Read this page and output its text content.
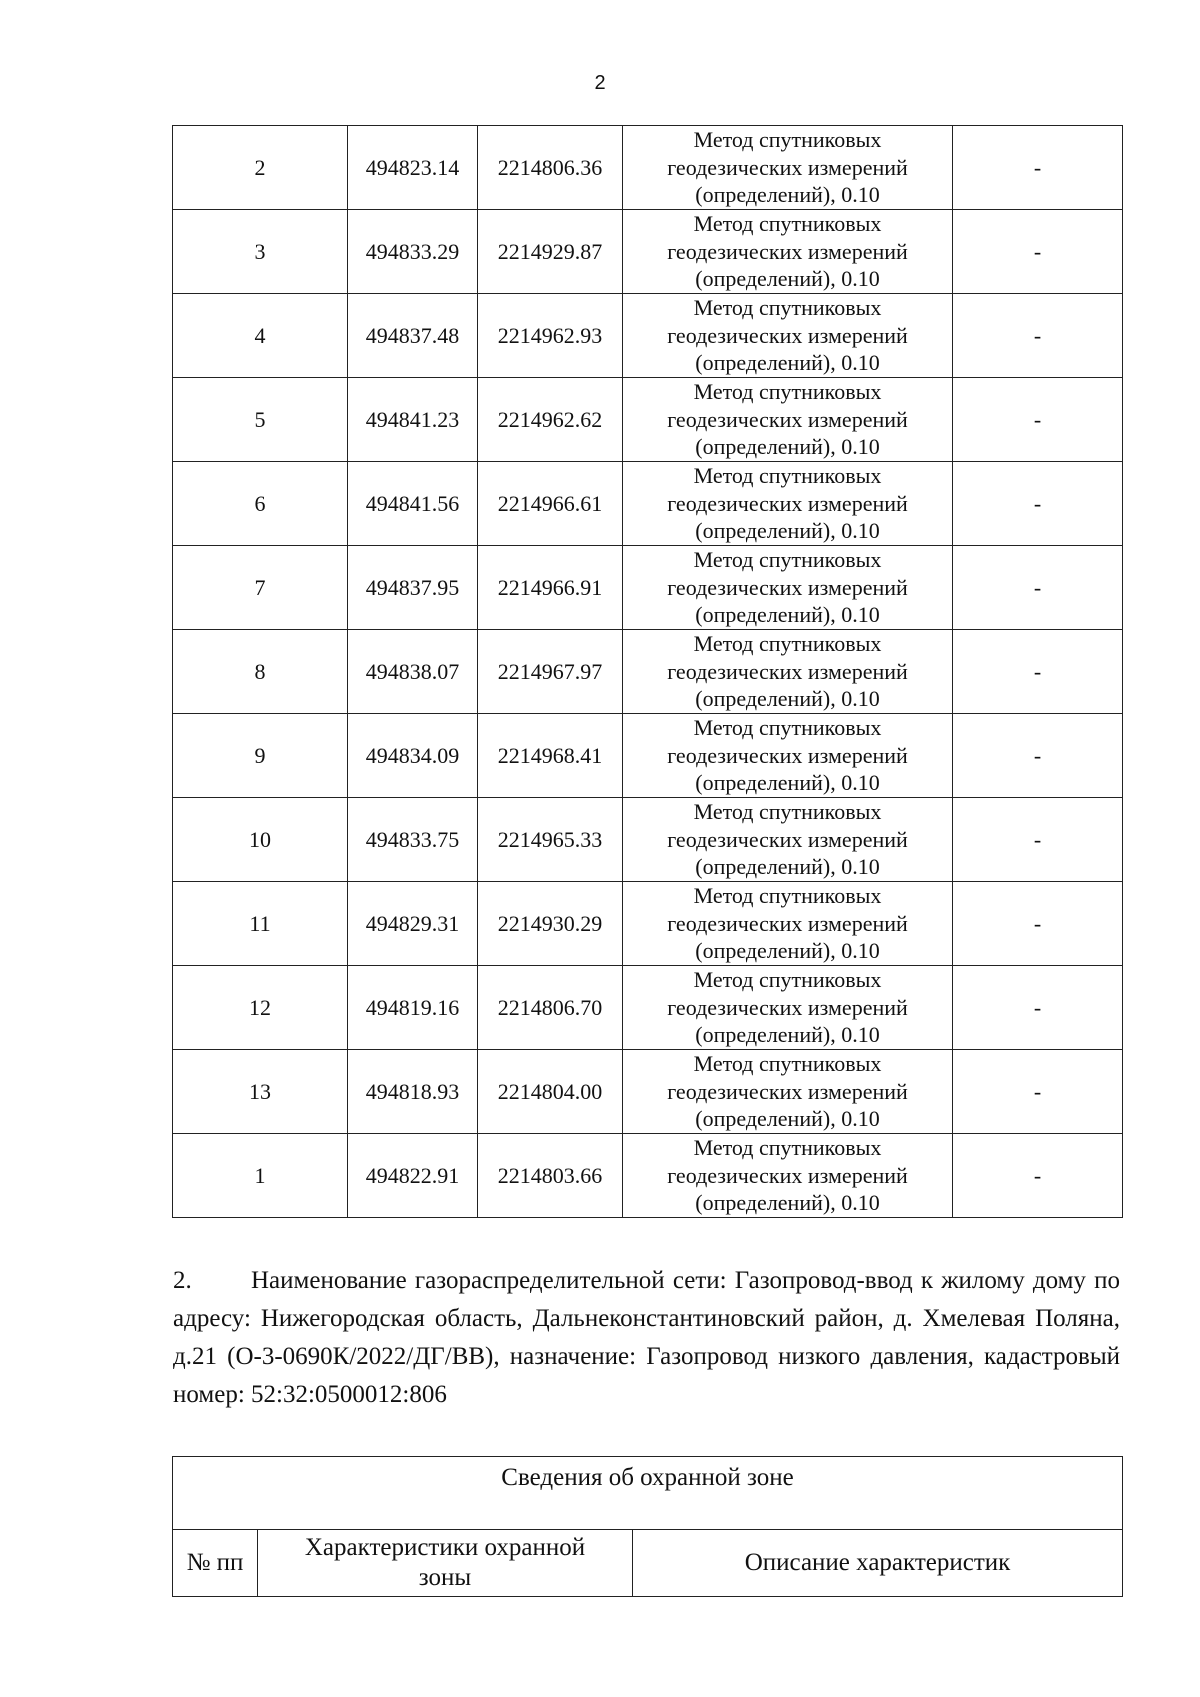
2
2	494823.14	2214806.36	Метод спутниковых
геодезических измерений
(определений), 0.10	-
3	494833.29	2214929.87	Метод спутниковых
геодезических измерений
(определений), 0.10	-
4	494837.48	2214962.93	Метод спутниковых
геодезических измерений
(определений), 0.10	-
5	494841.23	2214962.62	Метод спутниковых
геодезических измерений
(определений), 0.10	-
6	494841.56	2214966.61	Метод спутниковых
геодезических измерений
(определений), 0.10	-
7	494837.95	2214966.91	Метод спутниковых
геодезических измерений
(определений), 0.10	-
8	494838.07	2214967.97	Метод спутниковых
геодезических измерений
(определений), 0.10	-
9	494834.09	2214968.41	Метод спутниковых
геодезических измерений
(определений), 0.10	-
10	494833.75	2214965.33	Метод спутниковых
геодезических измерений
(определений), 0.10	-
11	494829.31	2214930.29	Метод спутниковых
геодезических измерений
(определений), 0.10	-
12	494819.16	2214806.70	Метод спутниковых
геодезических измерений
(определений), 0.10	-
13	494818.93	2214804.00	Метод спутниковых
геодезических измерений
(определений), 0.10	-
1	494822.91	2214803.66	Метод спутниковых
геодезических измерений
(определений), 0.10	-

2. Наименование газораспределительной сети: Газопровод-ввод к жилому дому по адресу: Нижегородская область, Дальнеконстантиновский район, д. Хмелевая Поляна, д.21 (О-3-0690К/2022/ДГ/ВВ), назначение: Газопровод низкого давления, кадастровый номер: 52:32:0500012:806

Сведения об охранной зоне
№ пп	Характеристики охранной
зоны	Описание характеристик
